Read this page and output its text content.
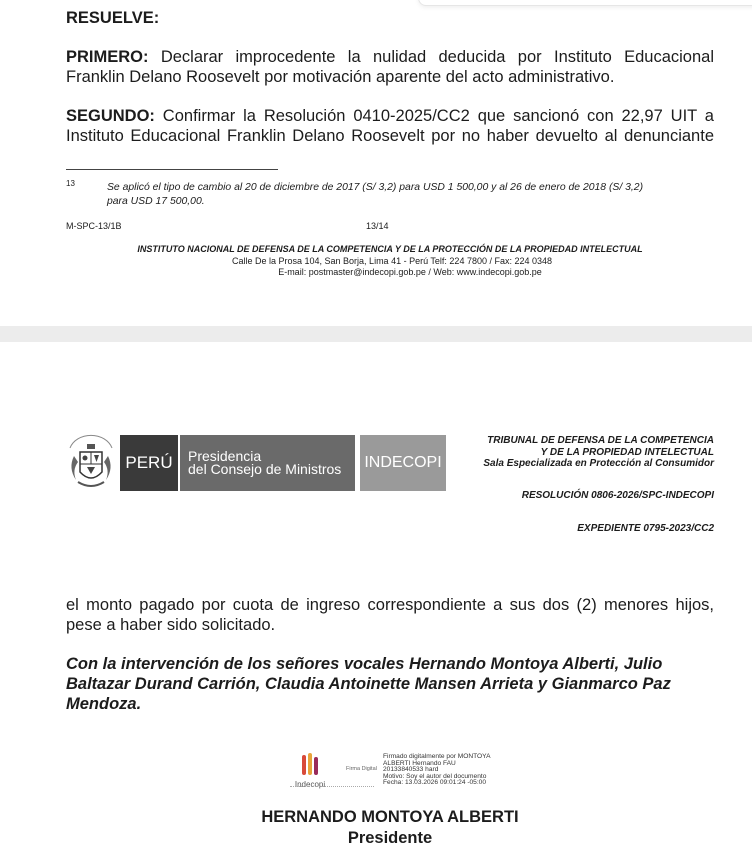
RESUELVE:
PRIMERO: Declarar improcedente la nulidad deducida por Instituto Educacional
Franklin Delano Roosevelt por motivación aparente del acto administrativo.
SEGUNDO: Confirmar la Resolución 0410-2025/CC2 que sancionó con 22,97 UIT a
Instituto Educacional Franklin Delano Roosevelt por no haber devuelto al denunciante
13	Se aplicó el tipo de cambio al 20 de diciembre de 2017 (S/ 3,2) para USD 1 500,00 y al 26 de enero de 2018 (S/ 3,2)
para USD 17 500,00.
M-SPC-13/1B	13/14
INSTITUTO NACIONAL DE DEFENSA DE LA COMPETENCIA Y DE LA PROTECCIÓN DE LA PROPIEDAD INTELECTUAL
Calle De la Prosa 104, San Borja, Lima 41 - Perú Telf: 224 7800 / Fax: 224 0348
E-mail: postmaster@indecopi.gob.pe / Web: www.indecopi.gob.pe
PERÚ	Presidencia
del Consejo de Ministros	INDECOPI
TRIBUNAL DE DEFENSA DE LA COMPETENCIA
Y DE LA PROPIEDAD INTELECTUAL
Sala Especializada en Protección al Consumidor
RESOLUCIÓN 0806-2026/SPC-INDECOPI
EXPEDIENTE 0795-2023/CC2
el monto pagado por cuota de ingreso correspondiente a sus dos (2) menores hijos,
pese a haber sido solicitado.
Con la intervención de los señores vocales Hernando Montoya Alberti, Julio
Baltazar Durand Carrión, Claudia Antoinette Mansen Arrieta y Gianmarco Paz
Mendoza.
Indecopi
Firma Digital
Firmado digitalmente por MONTOYA
ALBERTI Hernando FAU
20133840533 hard
Motivo: Soy el autor del documento
Fecha: 13.03.2026 09:01:24 -05:00
HERNANDO MONTOYA ALBERTI
Presidente
